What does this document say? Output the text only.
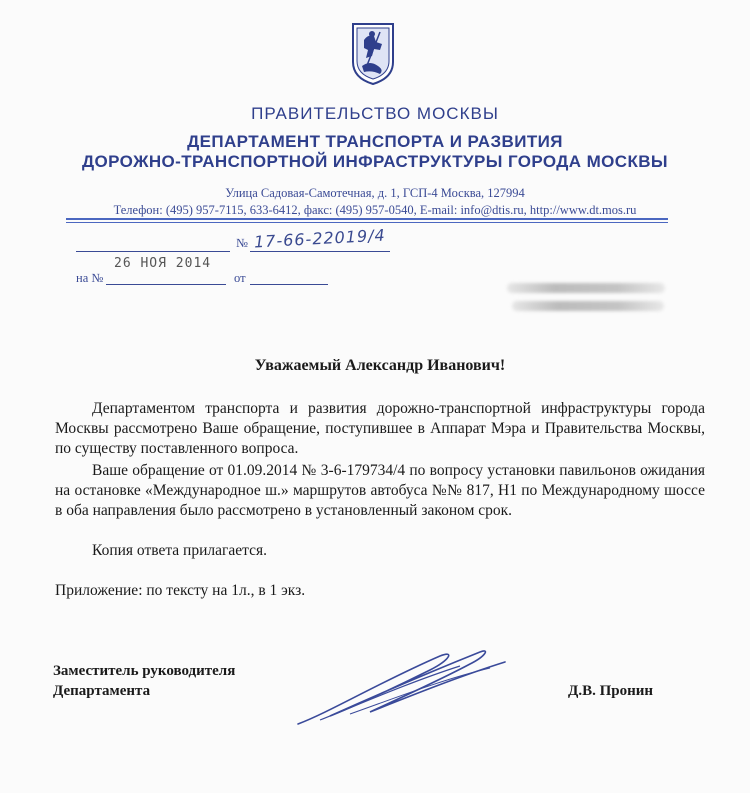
ПРАВИТЕЛЬСТВО МОСКВЫ
ДЕПАРТАМЕНТ ТРАНСПОРТА И РАЗВИТИЯ
ДОРОЖНО-ТРАНСПОРТНОЙ ИНФРАСТРУКТУРЫ ГОРОДА МОСКВЫ
Улица Садовая-Самотечная, д. 1, ГСП-4 Москва, 127994
Телефон: (495) 957-7115, 633-6412, факс: (495) 957-0540, E-mail: info@dtis.ru, http://www.dt.mos.ru
№ 17-66-22019/4
26 НОЯ 2014
на №	от
Уважаемый Александр Иванович!
Департаментом транспорта и развития дорожно-транспортной инфраструктуры города Москвы рассмотрено Ваше обращение, поступившее в Аппарат Мэра и Правительства Москвы, по существу поставленного вопроса.
Ваше обращение от 01.09.2014 № 3-6-179734/4 по вопросу установки павильонов ожидания на остановке «Международное ш.» маршрутов автобуса №№ 817, Н1 по Международному шоссе в оба направления было рассмотрено в установленный законом срок.
Копия ответа прилагается.
Приложение: по тексту на 1л., в 1 экз.
Заместитель руководителя
Департамента	Д.В. Пронин
